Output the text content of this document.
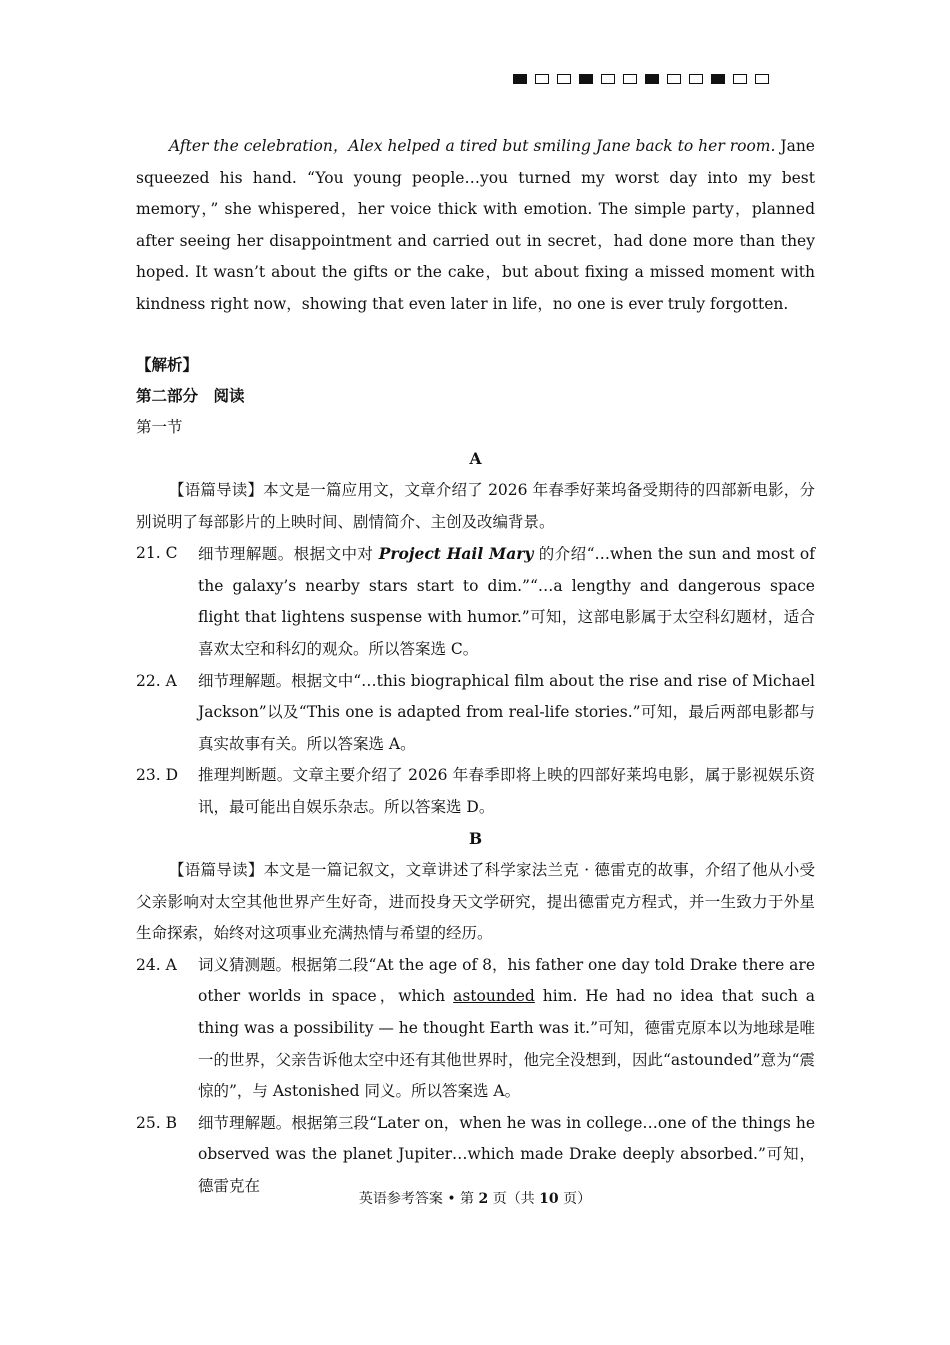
After the celebration，Alex helped a tired but smiling Jane back to her room. Jane squeezed his hand. “You young people…you turned my worst day into my best memory，” she whispered，her voice thick with emotion. The simple party，planned after seeing her disappointment and carried out in secret，had done more than they hoped. It wasn’t about the gifts or the cake，but about fixing a missed moment with kindness right now，showing that even later in life，no one is ever truly forgotten.

【解析】

第二部分　阅读

第一节

A

【语篇导读】本文是一篇应用文，文章介绍了 2026 年春季好莱坞备受期待的四部新电影，分别说明了每部影片的上映时间、剧情简介、主创及改编背景。

21. C	细节理解题。根据文中对 Project Hail Mary 的介绍“…when the sun and most of the galaxy’s nearby stars start to dim.”“…a lengthy and dangerous space flight that lightens suspense with humor.”可知，这部电影属于太空科幻题材，适合喜欢太空和科幻的观众。所以答案选 C。
22. A	细节理解题。根据文中“…this biographical film about the rise and rise of Michael Jackson”以及“This one is adapted from real-life stories.”可知，最后两部电影都与真实故事有关。所以答案选 A。
23. D	推理判断题。文章主要介绍了 2026 年春季即将上映的四部好莱坞电影，属于影视娱乐资讯，最可能出自娱乐杂志。所以答案选 D。

B

【语篇导读】本文是一篇记叙文，文章讲述了科学家法兰克 · 德雷克的故事，介绍了他从小受父亲影响对太空其他世界产生好奇，进而投身天文学研究，提出德雷克方程式，并一生致力于外星生命探索，始终对这项事业充满热情与希望的经历。

24. A	词义猜测题。根据第二段“At the age of 8，his father one day told Drake there are other worlds in space，which astounded him. He had no idea that such a thing was a possibility — he thought Earth was it.”可知，德雷克原本以为地球是唯一的世界，父亲告诉他太空中还有其他世界时，他完全没想到，因此“astounded”意为“震惊的”，与 Astonished 同义。所以答案选 A。
25. B	细节理解题。根据第三段“Later on，when he was in college…one of the things he observed was the planet Jupiter…which made Drake deeply absorbed.”可知，德雷克在
英语参考答案 • 第 2 页（共 10 页）
